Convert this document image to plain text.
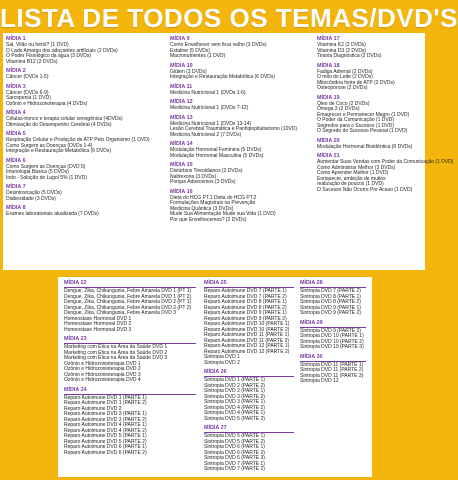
LISTA DE TODOS OS TEMAS/DVD'S
MÍDIA 1
Sal, Vilão ou herói? (1 DVD)
O Lado Amargo dos adoçantes artificiais (2 DVDs)
O Poder Fisiológico da água (3 DVDs)
Vitamina B12 (2 DVDs)
MÍDIA 2
Câncer (DVDs 1-5)
MÍDIA 3
Câncer (DVDs 6-9)
Sarcopenia (1 DVD)
Ozônio e Hidrozonoterapia (4 DVDs)
MÍDIA 4
Células-tronco e terapia celular xenogênica (4DVDs)
Otimização do Desempenho Cerebral (4 DVDs)
MÍDIA 5
Respiração Celular e Produção de ATP Pelo Organismo (1 DVD)
Como Surgem as Doenças (DVDs 1-4)
Integração e Restauração Metabólica (6 DVDs)
MÍDIA 6
Como Surgem as Doenças (DVD 5)
Imunologia Básica (5 DVDs)
Iodo - Solução de Lugol 5% (1 DVD)
MÍDIA 7
Desintoxicação (5 DVDs)
Diabesidade (3 DVDs)
MÍDIA 8
Exames laboratoriais atualizada (7 DVDs)
MÍDIA 9
Como Envelhecer sem ficar velho (3 DVDs)
Estatine (5 DVDs)
Macronutrientes (1 DVD)
MÍDIA 10
Glúten (3 DVDs)
Integração e Restauração Metabólica (6 DVDs)
MÍDIA 11
Medicina Nutricional 1 (DVDs 1-6)
MÍDIA 12
Medicina Nutricional 1 (DVDs 7-12)
MÍDIA 13
Medicina Nutricional 1 (DVDs 13-14)
Lesão Cerebral Traumática e Panhipopituitarismo (10VD)
Medicina Nutricional 2 (7 DVDs)
MÍDIA 14
Modulação Hormonal Feminina (5 DVDs)
Modulação Hormonal Masculina (5 DVDs)
MÍDIA 15
Distúrbios Tireoidianos (2 DVDs)
Naltrexona (3 DVDs)
Porque Adoecemos (3 DVDs)
MÍDIA 16
Dieta do HCG PT.1 Dieta do HCG PT.2
Formulações Magistrais na Prevenção
Medicina Quântica (3 DVDs)
Mude Sua Alimentação Mude sua Vida (1 DVD)
Por que Envelhecemos? (2 DVDs)
MÍDIA 17
Vitamina K2 (2 DVDs)
Vitamina D3 (2 DVDs)
Tirania Diagnóstica (2 DVDs)
MÍDIA 18
Fadiga Adrenal (2 DVDs)
O mito do Leite (2 DVDs)
Mitocôndria fonte de ATP (2 DVDs)
Osteoporose (2 DVDs)
MÍDIA 19
Óleo de Coco (2 DVDs)
Ômega 3 (2 DVDs)
Emagrecer e Permanecer Magro (1 DVD)
O Poder da Comunicação (1 DVD)
Segredos para o Sucesso (1 DVD)
O Segredo do Sucesso Pessoal (1 DVD)
MÍDIA 20
Modulação Hormonal Bioidêntica (6 DVDs)
MÍDIA 21
Aumentar Suas Vendas com Poder da Comunicação (1 DVD)
Como Administrar Melhor (3 DVDs)
Como Aprender Melhor (1 DVD)
Enriquecer, ambição de muitos
realização de poucos (1 DVD)
O Sucesso Não Ocorre Por Acaso (1 DVD)
MÍDIA 22
Dengue, Zika, Chikungunia, Febre Amarela DVD 1 (PT 1)
Dengue, Zika, Chikungunia, Febre Amarela DVD 1 (PT 2)
Dengue, Zika, Chikungunia, Febre Amarela DVD 2 (PT 1)
Dengue, Zika, Chikungunia, Febre Amarela DVD 2 (PT 2)
Dengue, Zika, Chikungunia, Febre Amarela DVD 3
Homeostase Hormonal DVD 1
Homeostase Hormonal DVD 2
Homeostase Hormonal DVD 3
MÍDIA 23
Marketing com Ética na Área da Saúde DVD 1
Marketing com Ética na Área da Saúde DVD 2
Marketing com Ética na Área da Saúde DVD 3
Ozônio e Hidrozonioterapia DVD 1
Ozônio e Hidrozonioterapia DVD 2
Ozônio e Hidrozonioterapia DVD 3
Ozônio e Hidrozonioterapia DVD 4
MÍDIA 24
Reparo Autoimune DVD 1 (PARTE 1)
Reparo Autoimune DVD 1 (PARTE 2)
Reparo Autoimune DVD 2
Reparo Autoimune DVD 3 (PARTE 1)
Reparo Autoimune DVD 3 (PARTE 2)
Reparo Autoimune DVD 4 (PARTE 1)
Reparo Autoimune DVD 4 (PARTE 2)
Reparo Autoimune DVD 5 (PARTE 1)
Reparo Autoimune DVD 5 (PARTE 2)
Reparo Autoimune DVD 6 (PARTE 1)
Reparo Autoimune DVD 6 (PARTE 2)
MÍDIA 25
Reparo Autoimune DVD 7 (PARTE 1)
Reparo Autoimune DVD 7 (PARTE 2)
Reparo Autoimune DVD 8 (PARTE 1)
Reparo Autoimune DVD 8 (PARTE 2)
Reparo Autoimune DVD 9 (PARTE 1)
Reparo Autoimune DVD 9 (PARTE 2)
Reparo Autoimune DVD 10 (PARTE 1)
Reparo Autoimune DVD 10 (PARTE 2)
Reparo Autoimune DVD 11 (PARTE 1)
Reparo Autoimune DVD 11 (PARTE 2)
Reparo Autoimune DVD 12 (PARTE 1)
Reparo Autoimune DVD 12 (PARTE 2)
Sintropia DVD 1
Sintropia DVD 2
MÍDIA 26
Sintropia DVD 1 (PARTE 1)
Sintropia DVD 2 (PARTE 2)
Sintropia DVD 2 (PARTE 1)
Sintropia DVD 3 (PARTE 2)
Sintropia DVD 3 (PARTE 1)
Sintropia DVD 4 (PARTE 2)
Sintropia DVD 4 (PARTE 1)
Sintropia DVD 5 (PARTE 2)
MÍDIA 27
Sintropia DVD 5 (PARTE 1)
Sintropia DVD 5 (PARTE 2)
Sintropia DVD 6 (PARTE 1)
Sintropia DVD 6 (PARTE 2)
Sintropia DVD 6 (PARTE 3)
Sintropia DVD 7 (PARTE 1)
Sintropia DVD 7 (PARTE 2)
MÍDIA 28
Sintropia DVD 7 (PARTE 2)
Sintropia DVD 8 (PARTE 1)
Sintropia DVD 8 (PARTE 2)
Sintropia DVD 9 (PARTE 1)
Sintropia DVD 9 (PARTE 2)
MÍDIA 29
Sintropia DVD 9 (PARTE 3)
Sintropia DVD 10 (PARTE 1)
Sintropia DVD 10 (PARTE 2)
Sintropia DVD 10 (PARTE 3)
MÍDIA 30
Sintropia DVD 11 (PARTE 1)
Sintropia DVD 11 (PARTE 2)
Sintropia DVD 11 (PARTE 3)
Sintropia DVD 12
